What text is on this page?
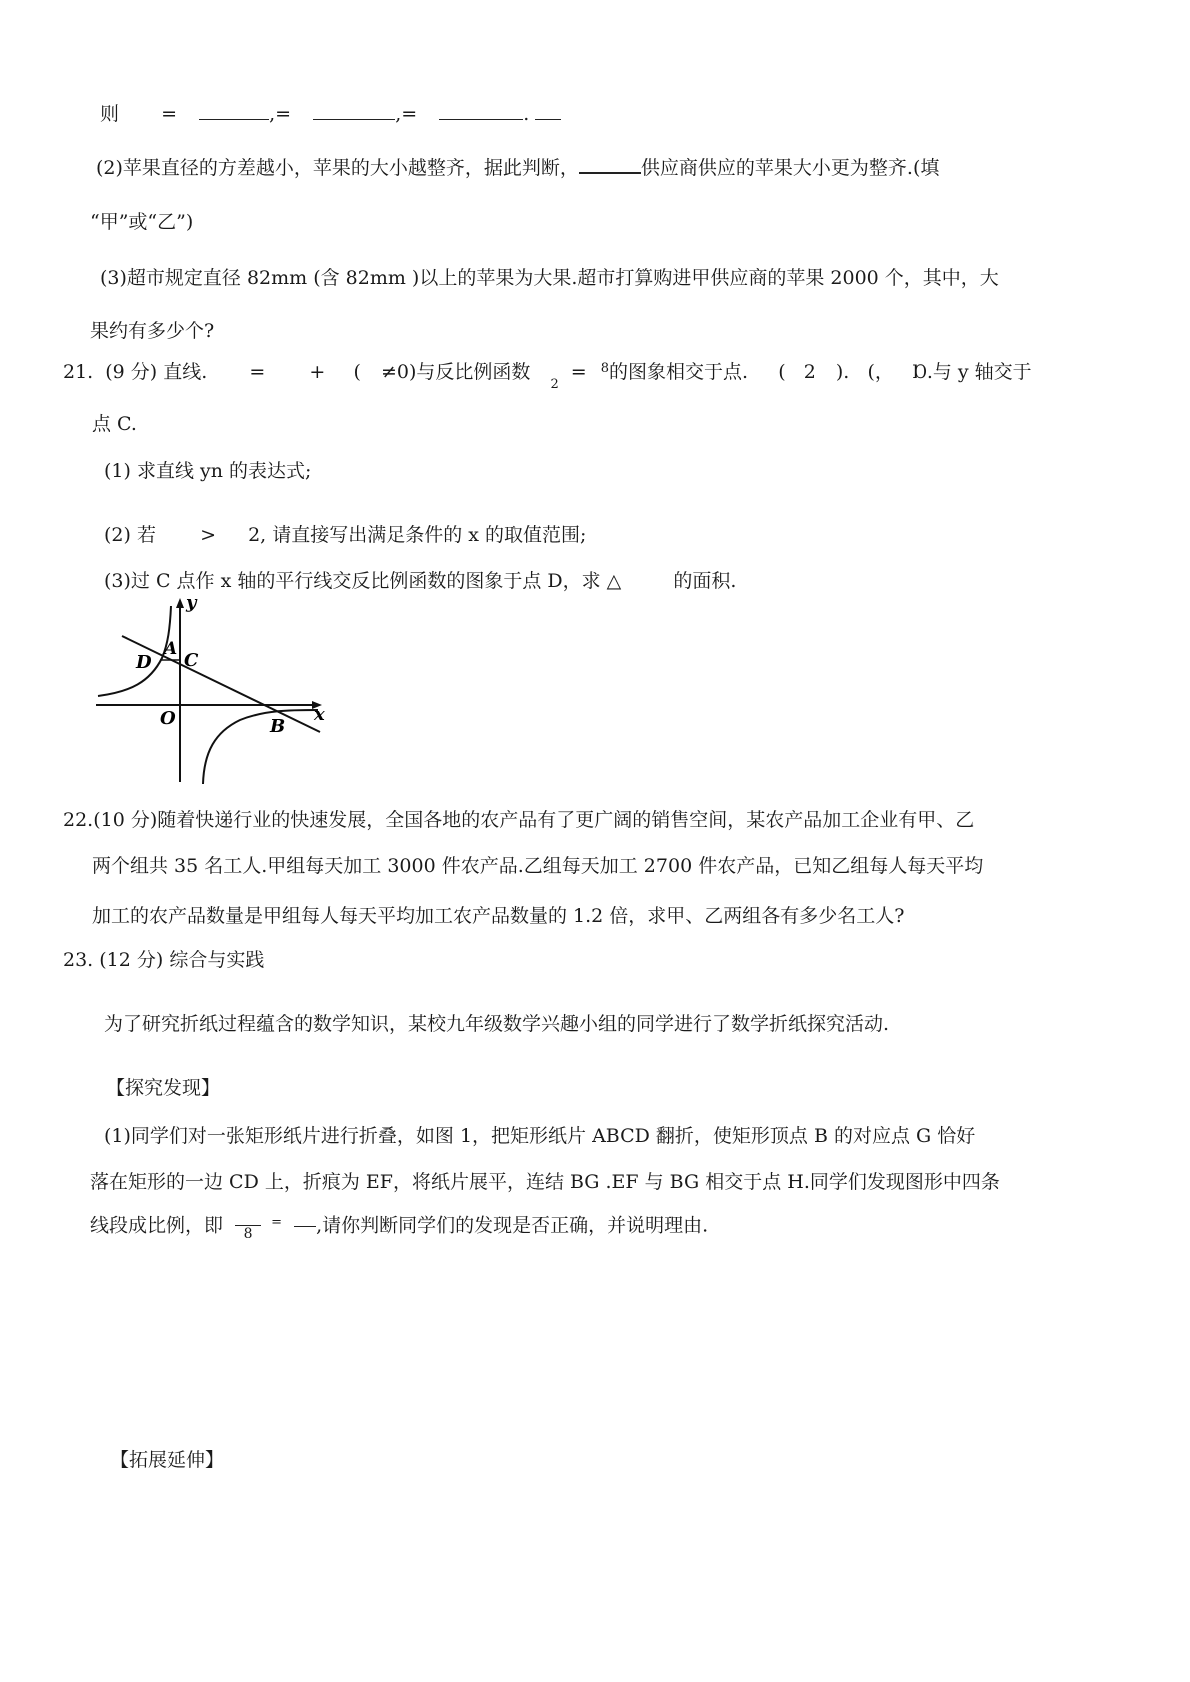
则 =	,=	,=	.
(2)苹果直径的方差越小，苹果的大小越整齐，据此判断，	供应商供应的苹果大小更为整齐.(填
“甲”或“乙”)
(3)超市规定直径 82mm (含 82mm )以上的苹果为大果.超市打算购进甲供应商的苹果 2000 个，其中，大
果约有多少个?
21. (9 分) 直线. = + ( ≠0)与反比例函数  $_2$ = $^8$的图象相交于点. ( 2 ). (， Ɒ.与 y 轴交于
点 C.
(1) 求直线 yn 的表达式;
(2) 若 > 2, 请直接写出满足条件的 x 的取值范围;
(3)过 C 点作 x 轴的平行线交反比例函数的图象于点 D，求 △	的面积.
y
x
O
A
C
D
B
22.(10 分)随着快递行业的快速发展，全国各地的农产品有了更广阔的销售空间，某农产品加工企业有甲、乙
两个组共 35 名工人.甲组每天加工 3000 件农产品.乙组每天加工 2700 件农产品，已知乙组每人每天平均
加工的农产品数量是甲组每人每天平均加工农产品数量的 1.2 倍，求甲、乙两组各有多少名工人?
23. (12 分) 综合与实践
为了研究折纸过程蕴含的数学知识，某校九年级数学兴趣小组的同学进行了数学折纸探究活动.
【探究发现】
(1)同学们对一张矩形纸片进行折叠，如图 1，把矩形纸片 ABCD 翻折，使矩形顶点 B 的对应点 G 恰好
落在矩形的一边 CD 上，折痕为 EF，将纸片展平，连结 BG .EF 与 BG 相交于点 H.同学们发现图形中四条
线段成比例，即	8
= ,请你判断同学们的发现是否正确，并说明理由.
【拓展延伸】
